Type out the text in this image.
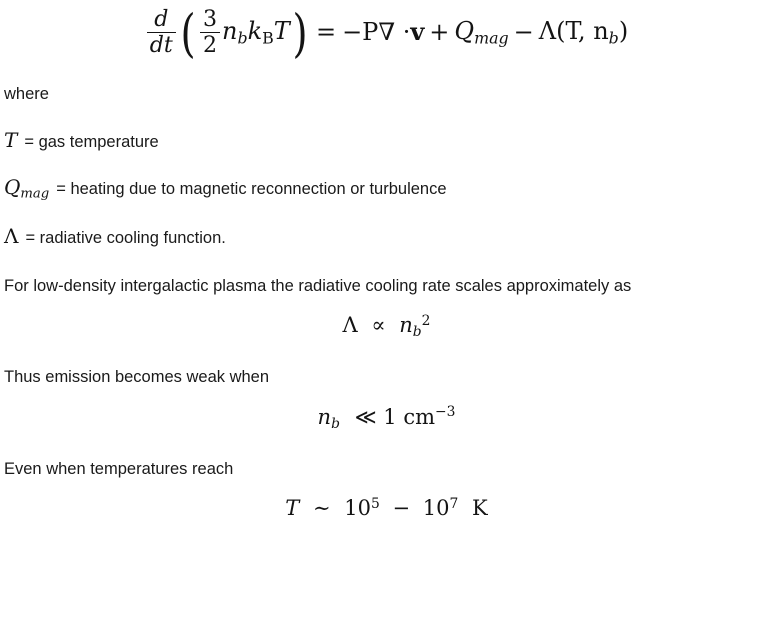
$\frac{d}{dt}$ ( $\frac{3}{2} n_bkBT$ ) = $-P\nabla \cdot v + Q_{mag} - \Lambda(T$, $n_b$)
where
T = gas temperature
$Q_{mag}$ = heating due to magnetic reconnection or turbulence
Λ = radiative cooling function.
For low-density intergalactic plasma the radiative cooling rate scales approximately as
$\Lambda \propto n_b^2$
Thus emission becomes weak when
$n_b$ ≪ 1 $cm^{-3}$
Even when temperatures reach
T ∼ $10^5 - 10^7$ K
